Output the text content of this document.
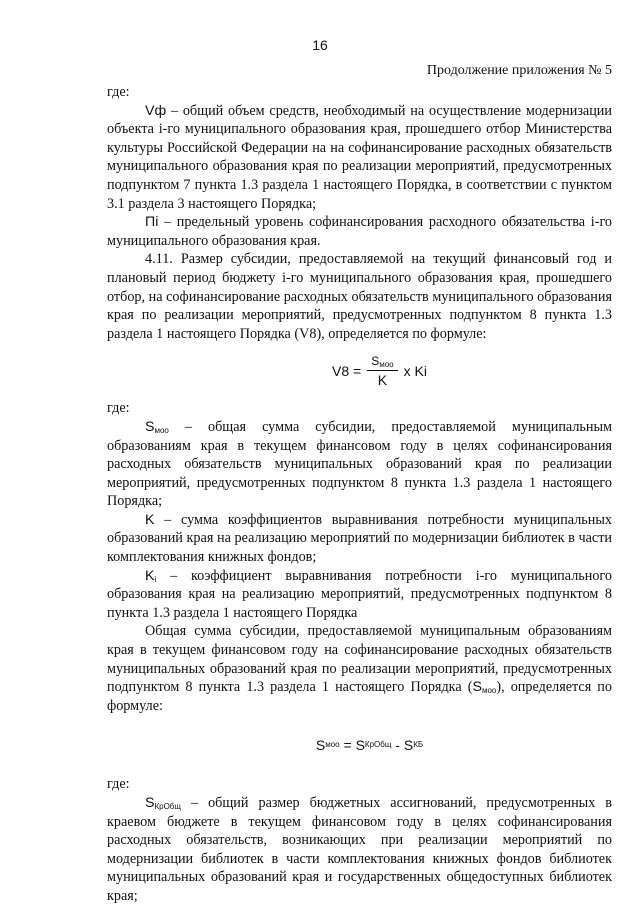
16
Продолжение приложения № 5

где:

Vф – общий объем средств, необходимый на осуществление модернизации объекта i-го муниципального образования края, прошедшего отбор Министерства культуры Российской Федерации на на софинансирование расходных обязательств муниципального образования края по реализации мероприятий, предусмотренных подпунктом 7 пункта 1.3 раздела 1 настоящего Порядка, в соответствии с пунктом 3.1 раздела 3 настоящего Порядка;

Пi – предельный уровень софинансирования расходного обязательства i-го муниципального образования края.

4.11. Размер субсидии, предоставляемой на текущий финансовый год и плановый период бюджету i-го муниципального образования края, прошедшего отбор, на софинансирование расходных обязательств муниципального образования края по реализации мероприятий, предусмотренных подпунктом 8 пункта 1.3 раздела 1 настоящего Порядка (V8), определяется по формуле:

$V8 = \frac{S_{моо}}{K}$ x Ki

где:

$S_{моо}$ – общая сумма субсидии, предоставляемой муниципальным образованиям края в текущем финансовом году в целях софинансирования расходных обязательств муниципальных образований края по реализации мероприятий, предусмотренных подпунктом 8 пункта 1.3 раздела 1 настоящего Порядка;

K – сумма коэффициентов выравнивания потребности муниципальных образований края на реализацию мероприятий по модернизации библиотек в части комплектования книжных фондов;

$K_i$ – коэффициент выравнивания потребности i-го муниципального образования края на реализацию мероприятий, предусмотренных подпунктом 8 пункта 1.3 раздела 1 настоящего Порядка

Общая сумма субсидии, предоставляемой муниципальным образованиям края в текущем финансовом году на софинансирование расходных обязательств муниципальных образований края по реализации мероприятий, предусмотренных подпунктом 8 пункта 1.3 раздела 1 настоящего Порядка $(S_{моо})$, определяется по формуле:

S моо = S КрОбщ - S КБ

где:

$S_{КрОбщ}$ – общий размер бюджетных ассигнований, предусмотренных в краевом бюджете в текущем финансовом году в целях софинансирования расходных обязательств, возникающих при реализации мероприятий по модернизации библиотек в части комплектования книжных фондов библиотек муниципальных образований края и государственных общедоступных библиотек края;
